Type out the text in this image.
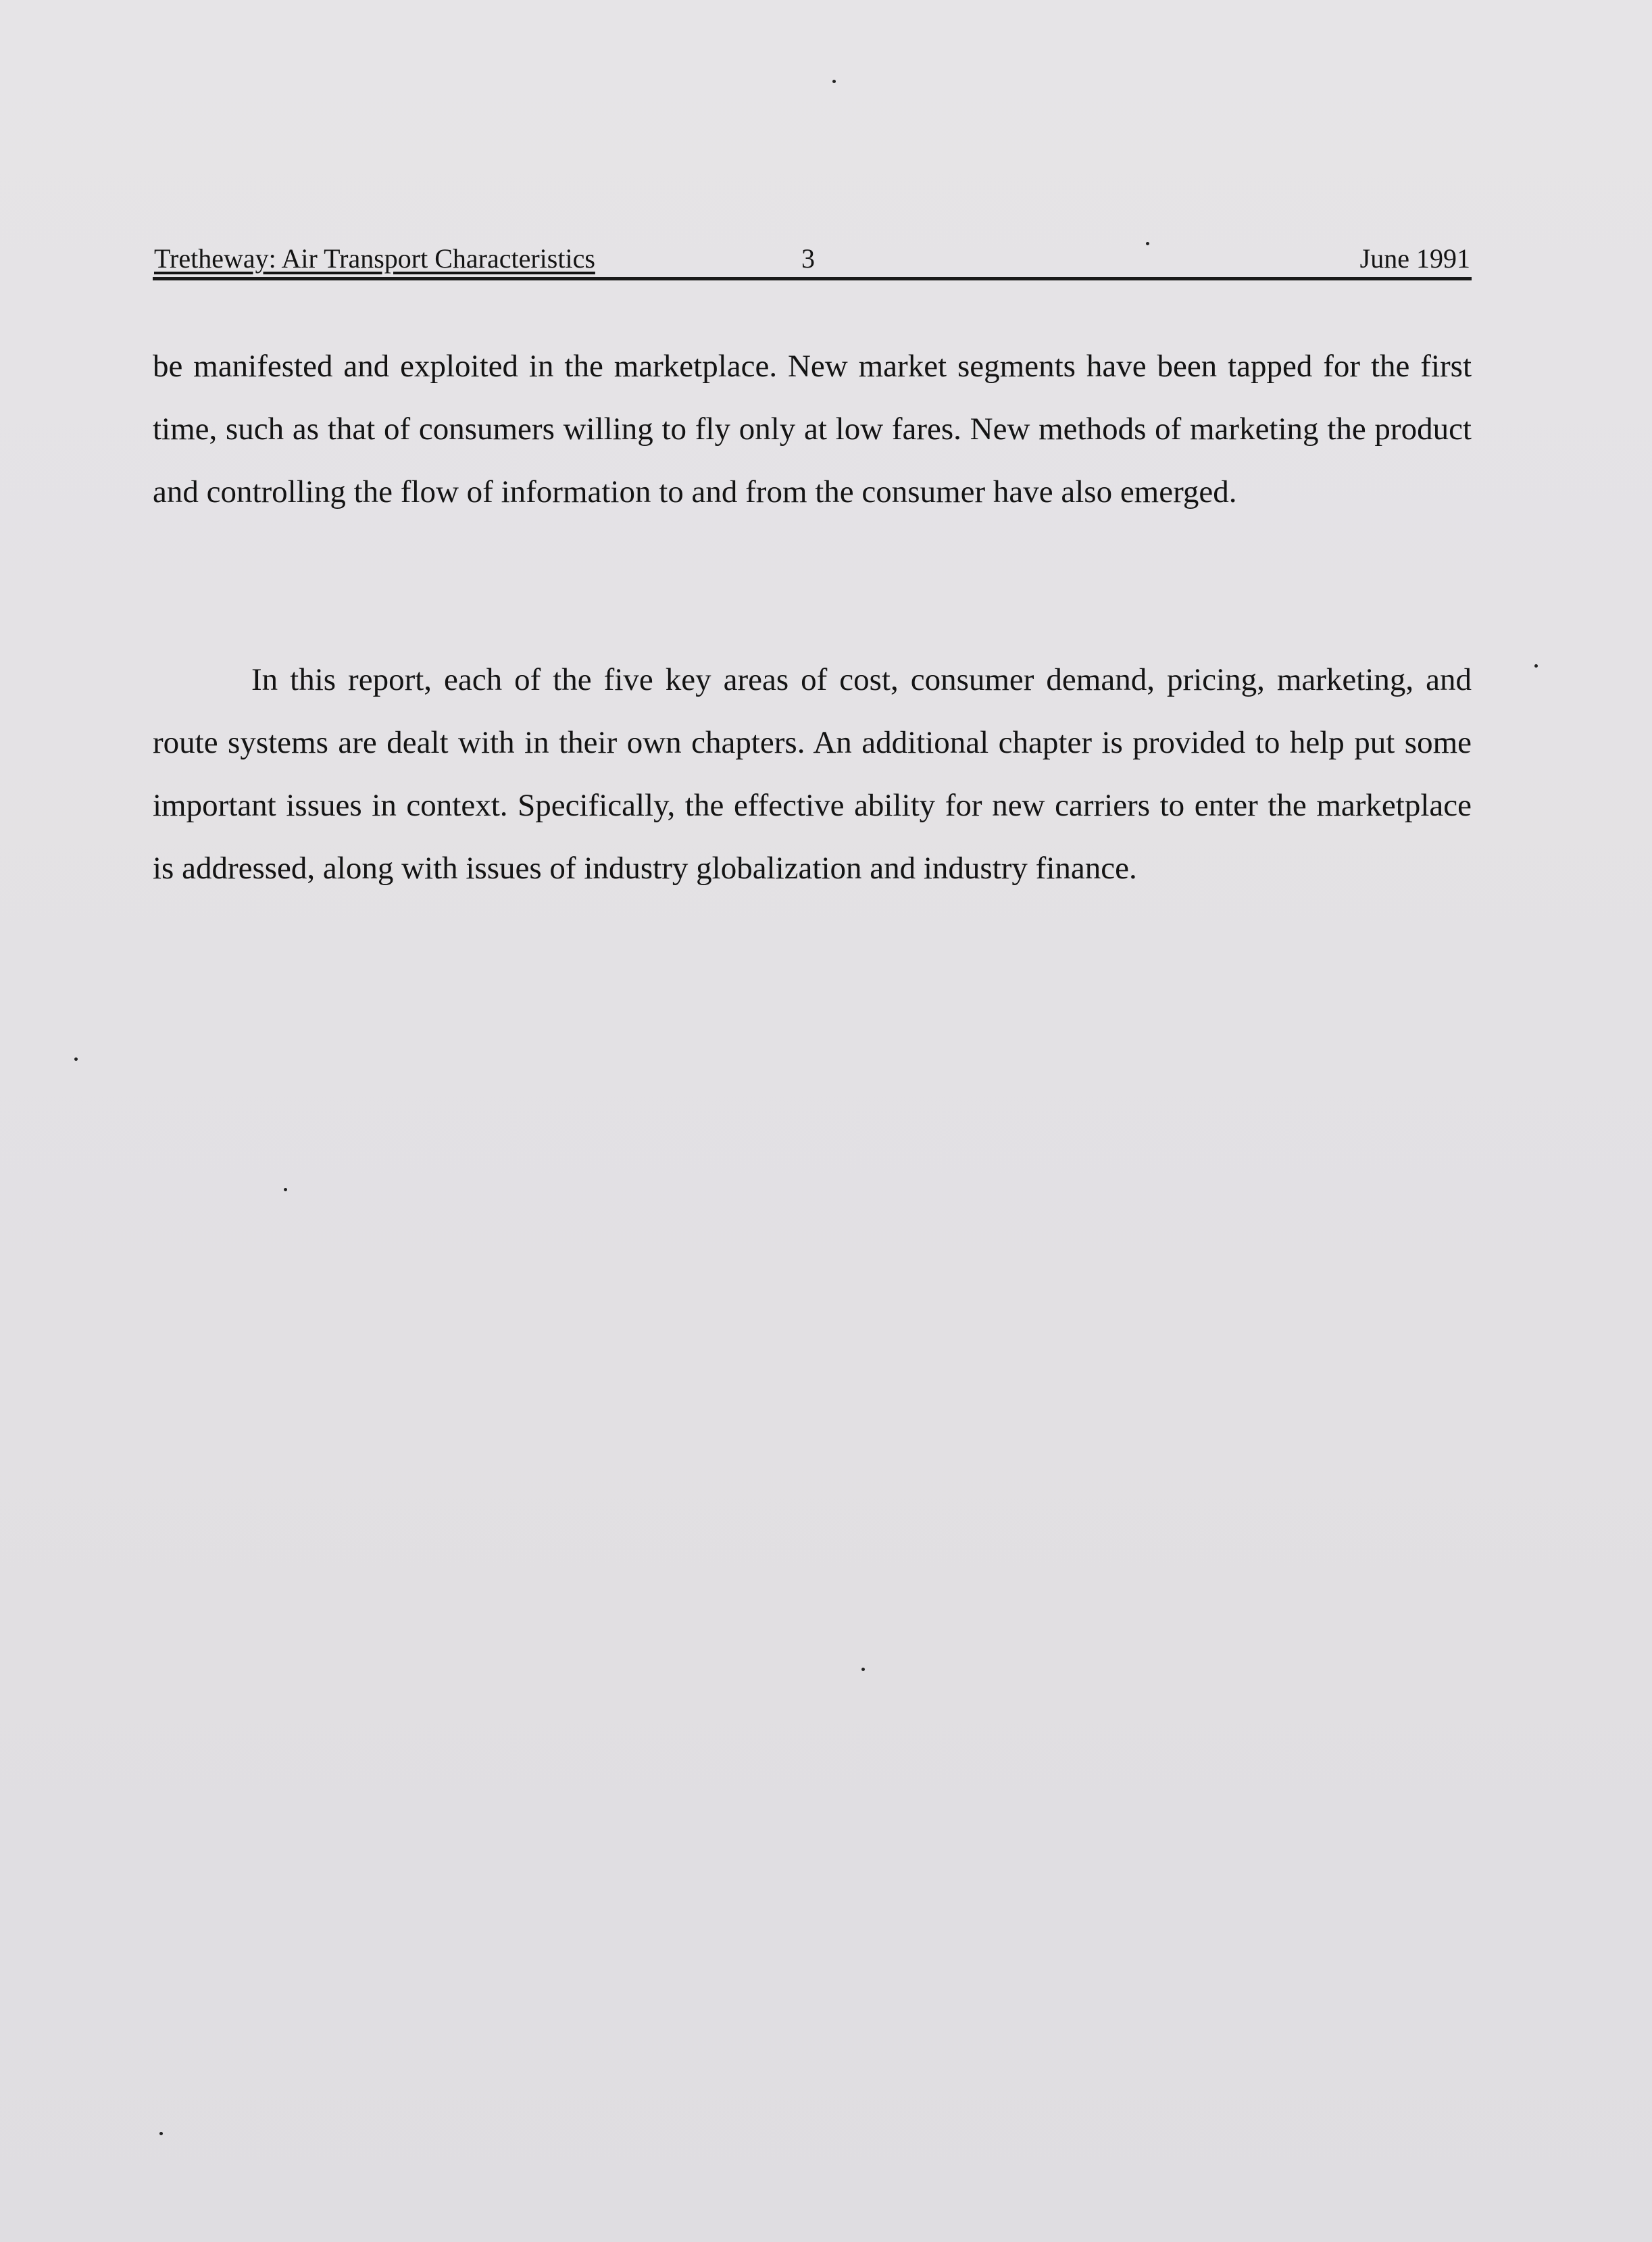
Tretheway: Air Transport Characteristics	3	June 1991
be manifested and exploited in the marketplace. New market segments have been tapped for the first time, such as that of consumers willing to fly only at low fares. New methods of marketing the product and controlling the flow of information to and from the consumer have also emerged.
In this report, each of the five key areas of cost, consumer demand, pricing, marketing, and route systems are dealt with in their own chapters. An additional chapter is provided to help put some important issues in context. Specifically, the effective ability for new carriers to enter the marketplace is addressed, along with issues of industry globalization and industry finance.
